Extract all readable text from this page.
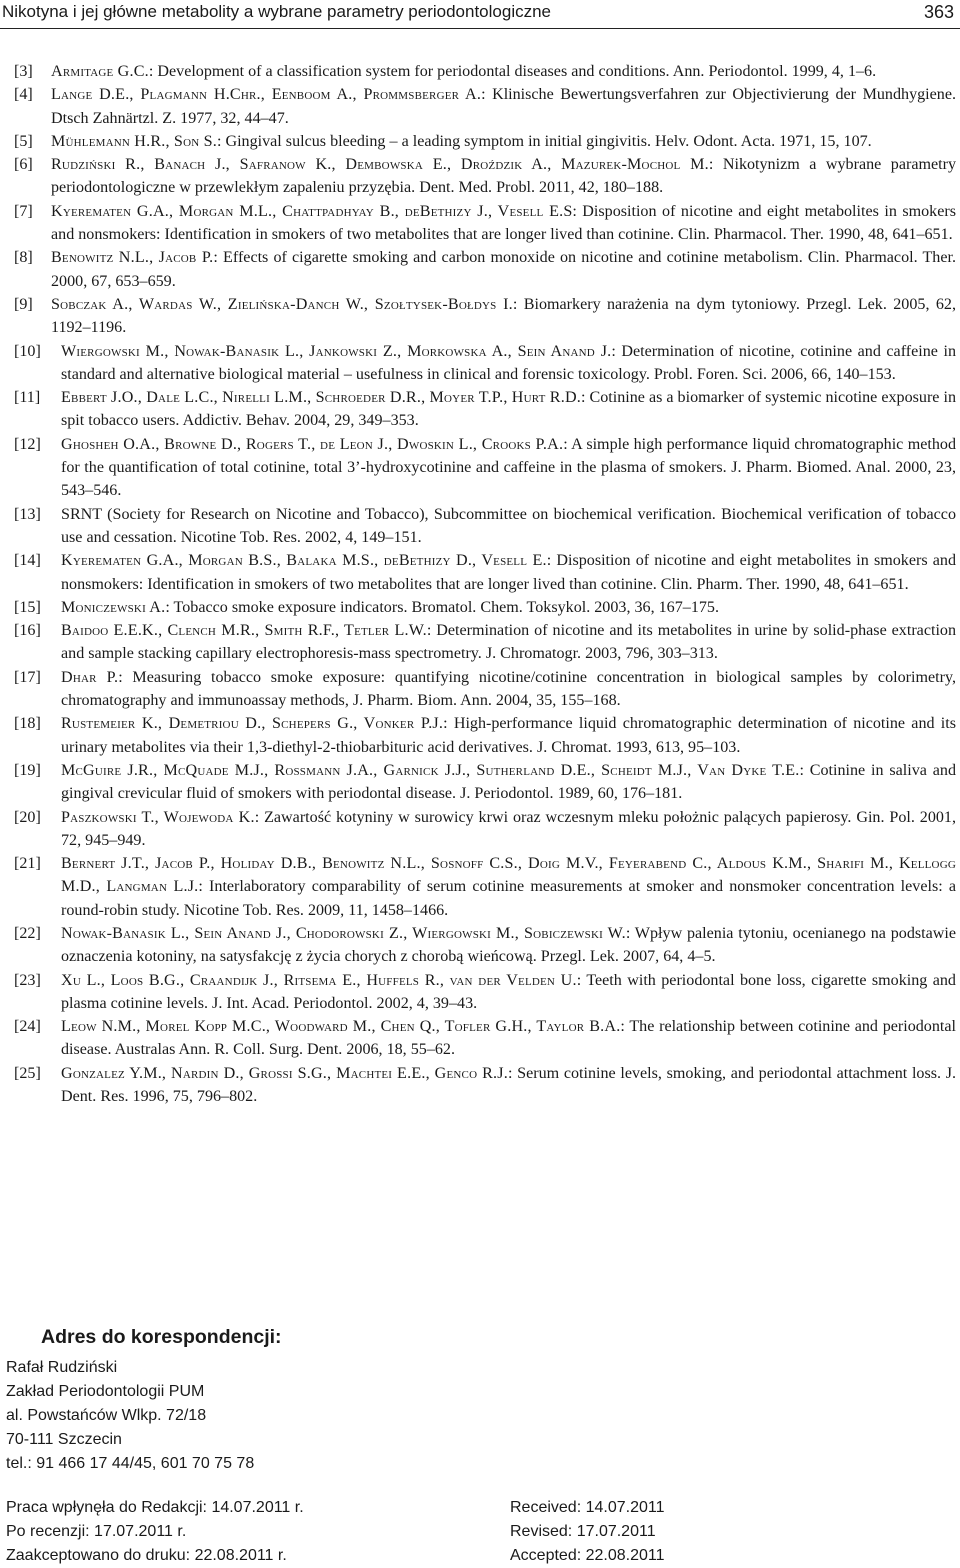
Nikotyna i jej główne metabolity a wybrane parametry periodontologiczne	363

[3] Armitage G.C.: Development of a classification system for periodontal diseases and conditions. Ann. Periodontol. 1999, 4, 1–6.

[4] Lange D.E., Plagmann H.Chr., Eenboom A., Prommsberger A.: Klinische Bewertungsverfahren zur Objectivierung der Mundhygiene. Dtsch Zahnärtzl. Z. 1977, 32, 44–47.

[5] Mühlemann H.R., Son S.: Gingival sulcus bleeding – a leading symptom in initial gingivitis. Helv. Odont. Acta. 1971, 15, 107.

[6] Rudziński R., Banach J., Safranow K., Dembowska E., Droździk A., Mazurek-Mochol M.: Nikotynizm a wybrane parametry periodontologiczne w przewlekłym zapaleniu przyzębia. Dent. Med. Probl. 2011, 42, 180–188.

[7] Kyerematen G.A., Morgan M.L., Chattpadhyay B., deBethizy J., Vesell E.S: Disposition of nicotine and eight metabolites in smokers and nonsmokers: Identification in smokers of two metabolites that are longer lived than cotinine. Clin. Pharmacol. Ther. 1990, 48, 641–651.

[8] Benowitz N.L., Jacob P.: Effects of cigarette smoking and carbon monoxide on nicotine and cotinine metabolism. Clin. Pharmacol. Ther. 2000, 67, 653–659.

[9] Sobczak A., Wardas W., Zielińska-Danch W., Szołtysek-Bołdys I.: Biomarkery narażenia na dym tytoniowy. Przegl. Lek. 2005, 62, 1192–1196.

[10] Wiergowski M., Nowak-Banasik L., Jankowski Z., Morkowska A., Sein Anand J.: Determination of nicotine, cotinine and caffeine in standard and alternative biological material – usefulness in clinical and forensic toxicology. Probl. Foren. Sci. 2006, 66, 140–153.

[11] Ebbert J.O., Dale L.C., Nirelli L.M., Schroeder D.R., Moyer T.P., Hurt R.D.: Cotinine as a biomarker of systemic nicotine exposure in spit tobacco users. Addictiv. Behav. 2004, 29, 349–353.

[12] Ghosheh O.A., Browne D., Rogers T., de Leon J., Dwoskin L., Crooks P.A.: A simple high performance liquid chromatographic method for the quantification of total cotinine, total 3’-hydroxycotinine and caffeine in the plasma of smokers. J. Pharm. Biomed. Anal. 2000, 23, 543–546.

[13] SRNT (Society for Research on Nicotine and Tobacco), Subcommittee on biochemical verification. Biochemical verification of tobacco use and cessation. Nicotine Tob. Res. 2002, 4, 149–151.

[14] Kyerematen G.A., Morgan B.S., Balaka M.S., deBethizy D., Vesell E.: Disposition of nicotine and eight metabolites in smokers and nonsmokers: Identification in smokers of two metabolites that are longer lived than cotinine. Clin. Pharm. Ther. 1990, 48, 641–651.

[15] Moniczewski A.: Tobacco smoke exposure indicators. Bromatol. Chem. Toksykol. 2003, 36, 167–175.

[16] Baidoo E.E.K., Clench M.R., Smith R.F., Tetler L.W.: Determination of nicotine and its metabolites in urine by solid-phase extraction and sample stacking capillary electrophoresis-mass spectrometry. J. Chromatogr. 2003, 796, 303–313.

[17] Dhar P.: Measuring tobacco smoke exposure: quantifying nicotine/cotinine concentration in biological samples by colorimetry, chromatography and immunoassay methods, J. Pharm. Biom. Ann. 2004, 35, 155–168.

[18] Rustemeier K., Demetriou D., Schepers G., Vonker P.J.: High-performance liquid chromatographic determination of nicotine and its urinary metabolites via their 1,3-diethyl-2-thiobarbituric acid derivatives. J. Chromat. 1993, 613, 95–103.

[19] McGuire J.R., McQuade M.J., Rossmann J.A., Garnick J.J., Sutherland D.E., Scheidt M.J., Van Dyke T.E.: Cotinine in saliva and gingival crevicular fluid of smokers with periodontal disease. J. Periodontol. 1989, 60, 176–181.

[20] Paszkowski T., Wojewoda K.: Zawartość kotyniny w surowicy krwi oraz wczesnym mleku położnic palących papierosy. Gin. Pol. 2001, 72, 945–949.

[21] Bernert J.T., Jacob P., Holiday D.B., Benowitz N.L., Sosnoff C.S., Doig M.V., Feyerabend C., Aldous K.M., Sharifi M., Kellogg M.D., Langman L.J.: Interlaboratory comparability of serum cotinine measurements at smoker and nonsmoker concentration levels: a round-robin study. Nicotine Tob. Res. 2009, 11, 1458–1466.

[22] Nowak-Banasik L., Sein Anand J., Chodorowski Z., Wiergowski M., Sobiczewski W.: Wpływ palenia tytoniu, ocenianego na podstawie oznaczenia kotoniny, na satysfakcję z życia chorych z chorobą wieńcową. Przegl. Lek. 2007, 64, 4–5.

[23] Xu L., Loos B.G., Craandijk J., Ritsema E., Huffels R., van der Velden U.: Teeth with periodontal bone loss, cigarette smoking and plasma cotinine levels. J. Int. Acad. Periodontol. 2002, 4, 39–43.

[24] Leow N.M., Morel Kopp M.C., Woodward M., Chen Q., Tofler G.H., Taylor B.A.: The relationship between cotinine and periodontal disease. Australas Ann. R. Coll. Surg. Dent. 2006, 18, 55–62.

[25] Gonzalez Y.M., Nardin D., Grossi S.G., Machtei E.E., Genco R.J.: Serum cotinine levels, smoking, and periodontal attachment loss. J. Dent. Res. 1996, 75, 796–802.

Adres do korespondencji:
Rafał Rudziński
Zakład Periodontologii PUM
al. Powstańców Wlkp. 72/18
70-111 Szczecin
tel.: 91 466 17 44/45, 601 70 75 78
Praca wpłynęła do Redakcji: 14.07.2011 r.
Po recenzji: 17.07.2011 r.
Zaakceptowano do druku: 22.08.2011 r.
Received: 14.07.2011
Revised: 17.07.2011
Accepted: 22.08.2011
